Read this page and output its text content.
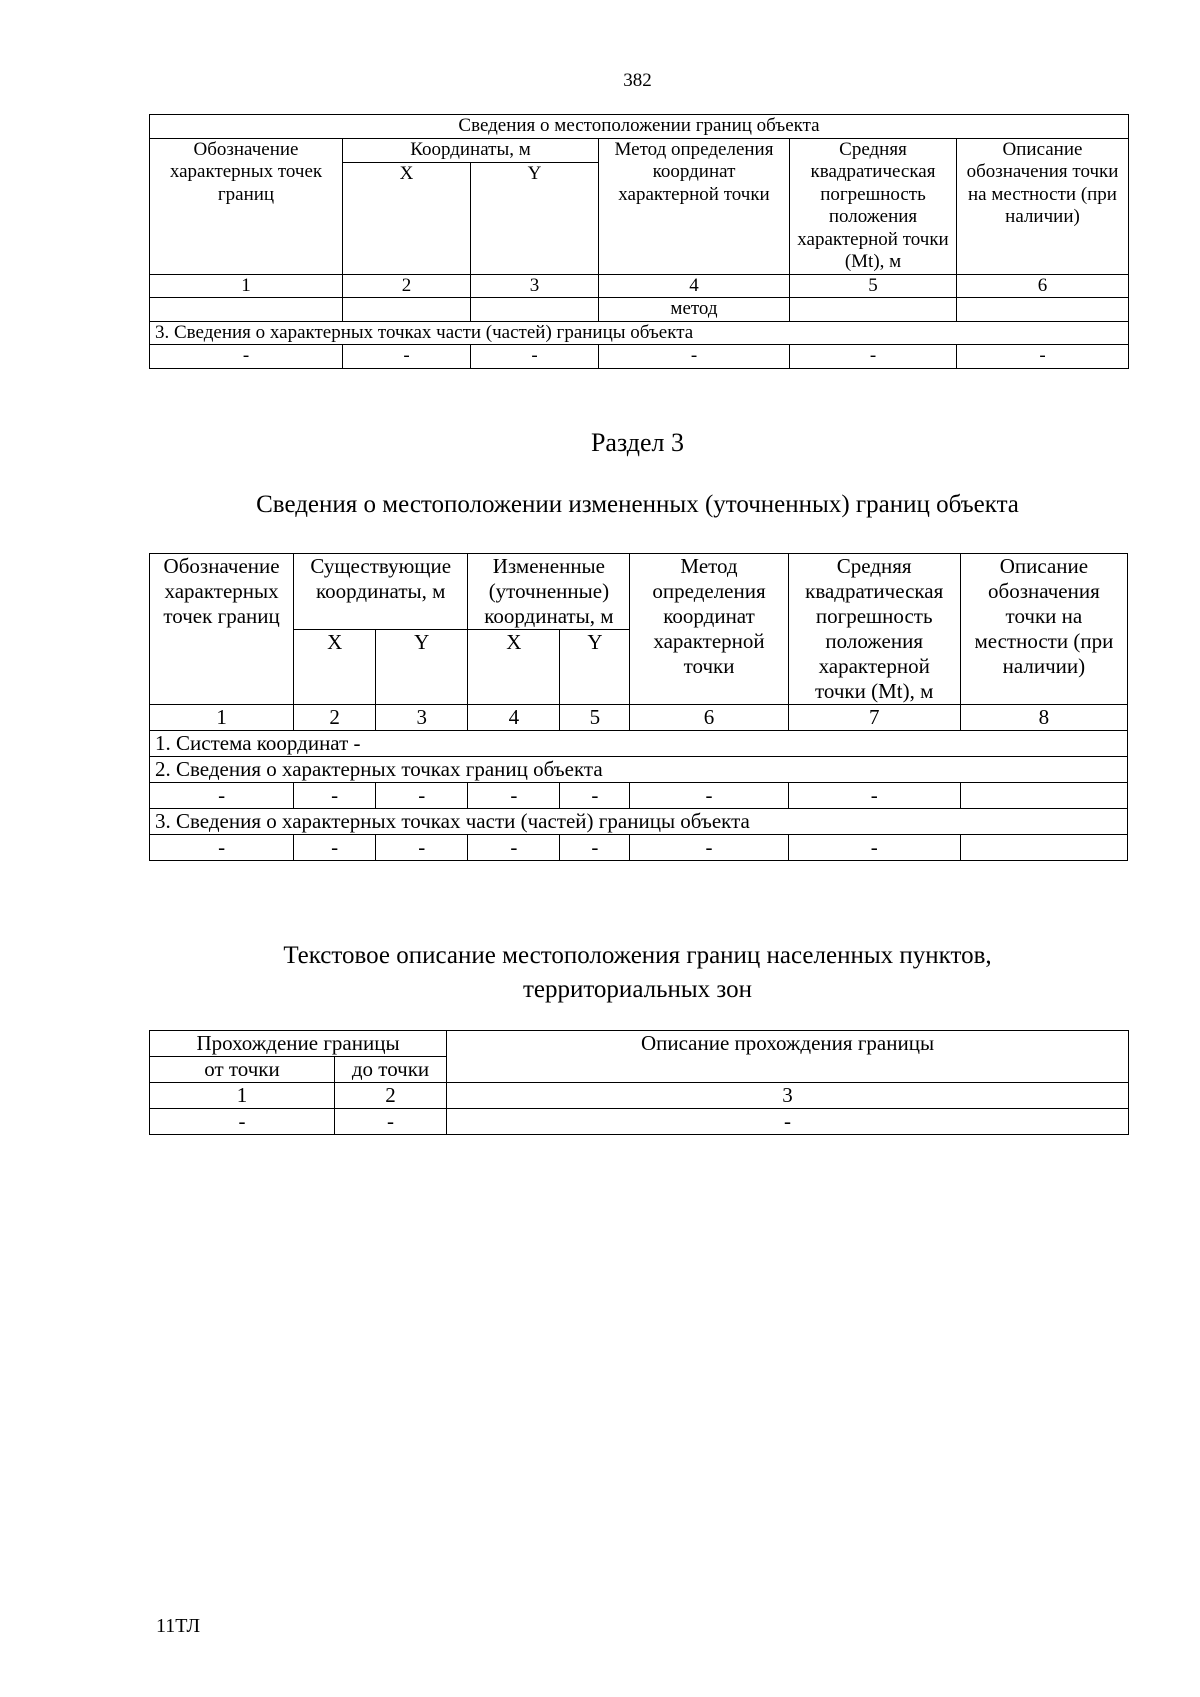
382
Сведения о местоположении границ объекта					
Обозначение характерных точек границ	Координаты, м		Метод определения координат характерной точки	Средняя квадратическая погрешность положения характерной точки (Mt), м	Описание обозначения точки на местности (при наличии)
	X	Y			
1	2	3	4	5	6
			метод		
3. Сведения о характерных точках части (частей) границы объекта					
-	-	-	-	-	-
Раздел 3
Сведения о местоположении измененных (уточненных) границ объекта
Обозначение характерных точек границ	Существующие координаты, м		Измененные (уточненные) координаты, м		Метод определения координат характерной точки	Средняя квадратическая погрешность положения характерной точки (Mt), м	Описание обозначения точки на местности (при наличии)
	X	Y	X	Y			
1	2	3	4	5	6	7	8
1. Система координат -							
2. Сведения о характерных точках границ объекта							
-	-	-	-	-	-	-	
3. Сведения о характерных точках части (частей) границы объекта							
-	-	-	-	-	-	-	
Текстовое описание местоположения границ населенных пунктов,
территориальных зон
Прохождение границы		Описание прохождения границы
от точки	до точки	
1	2	3
-	-	-
11ТЛ
